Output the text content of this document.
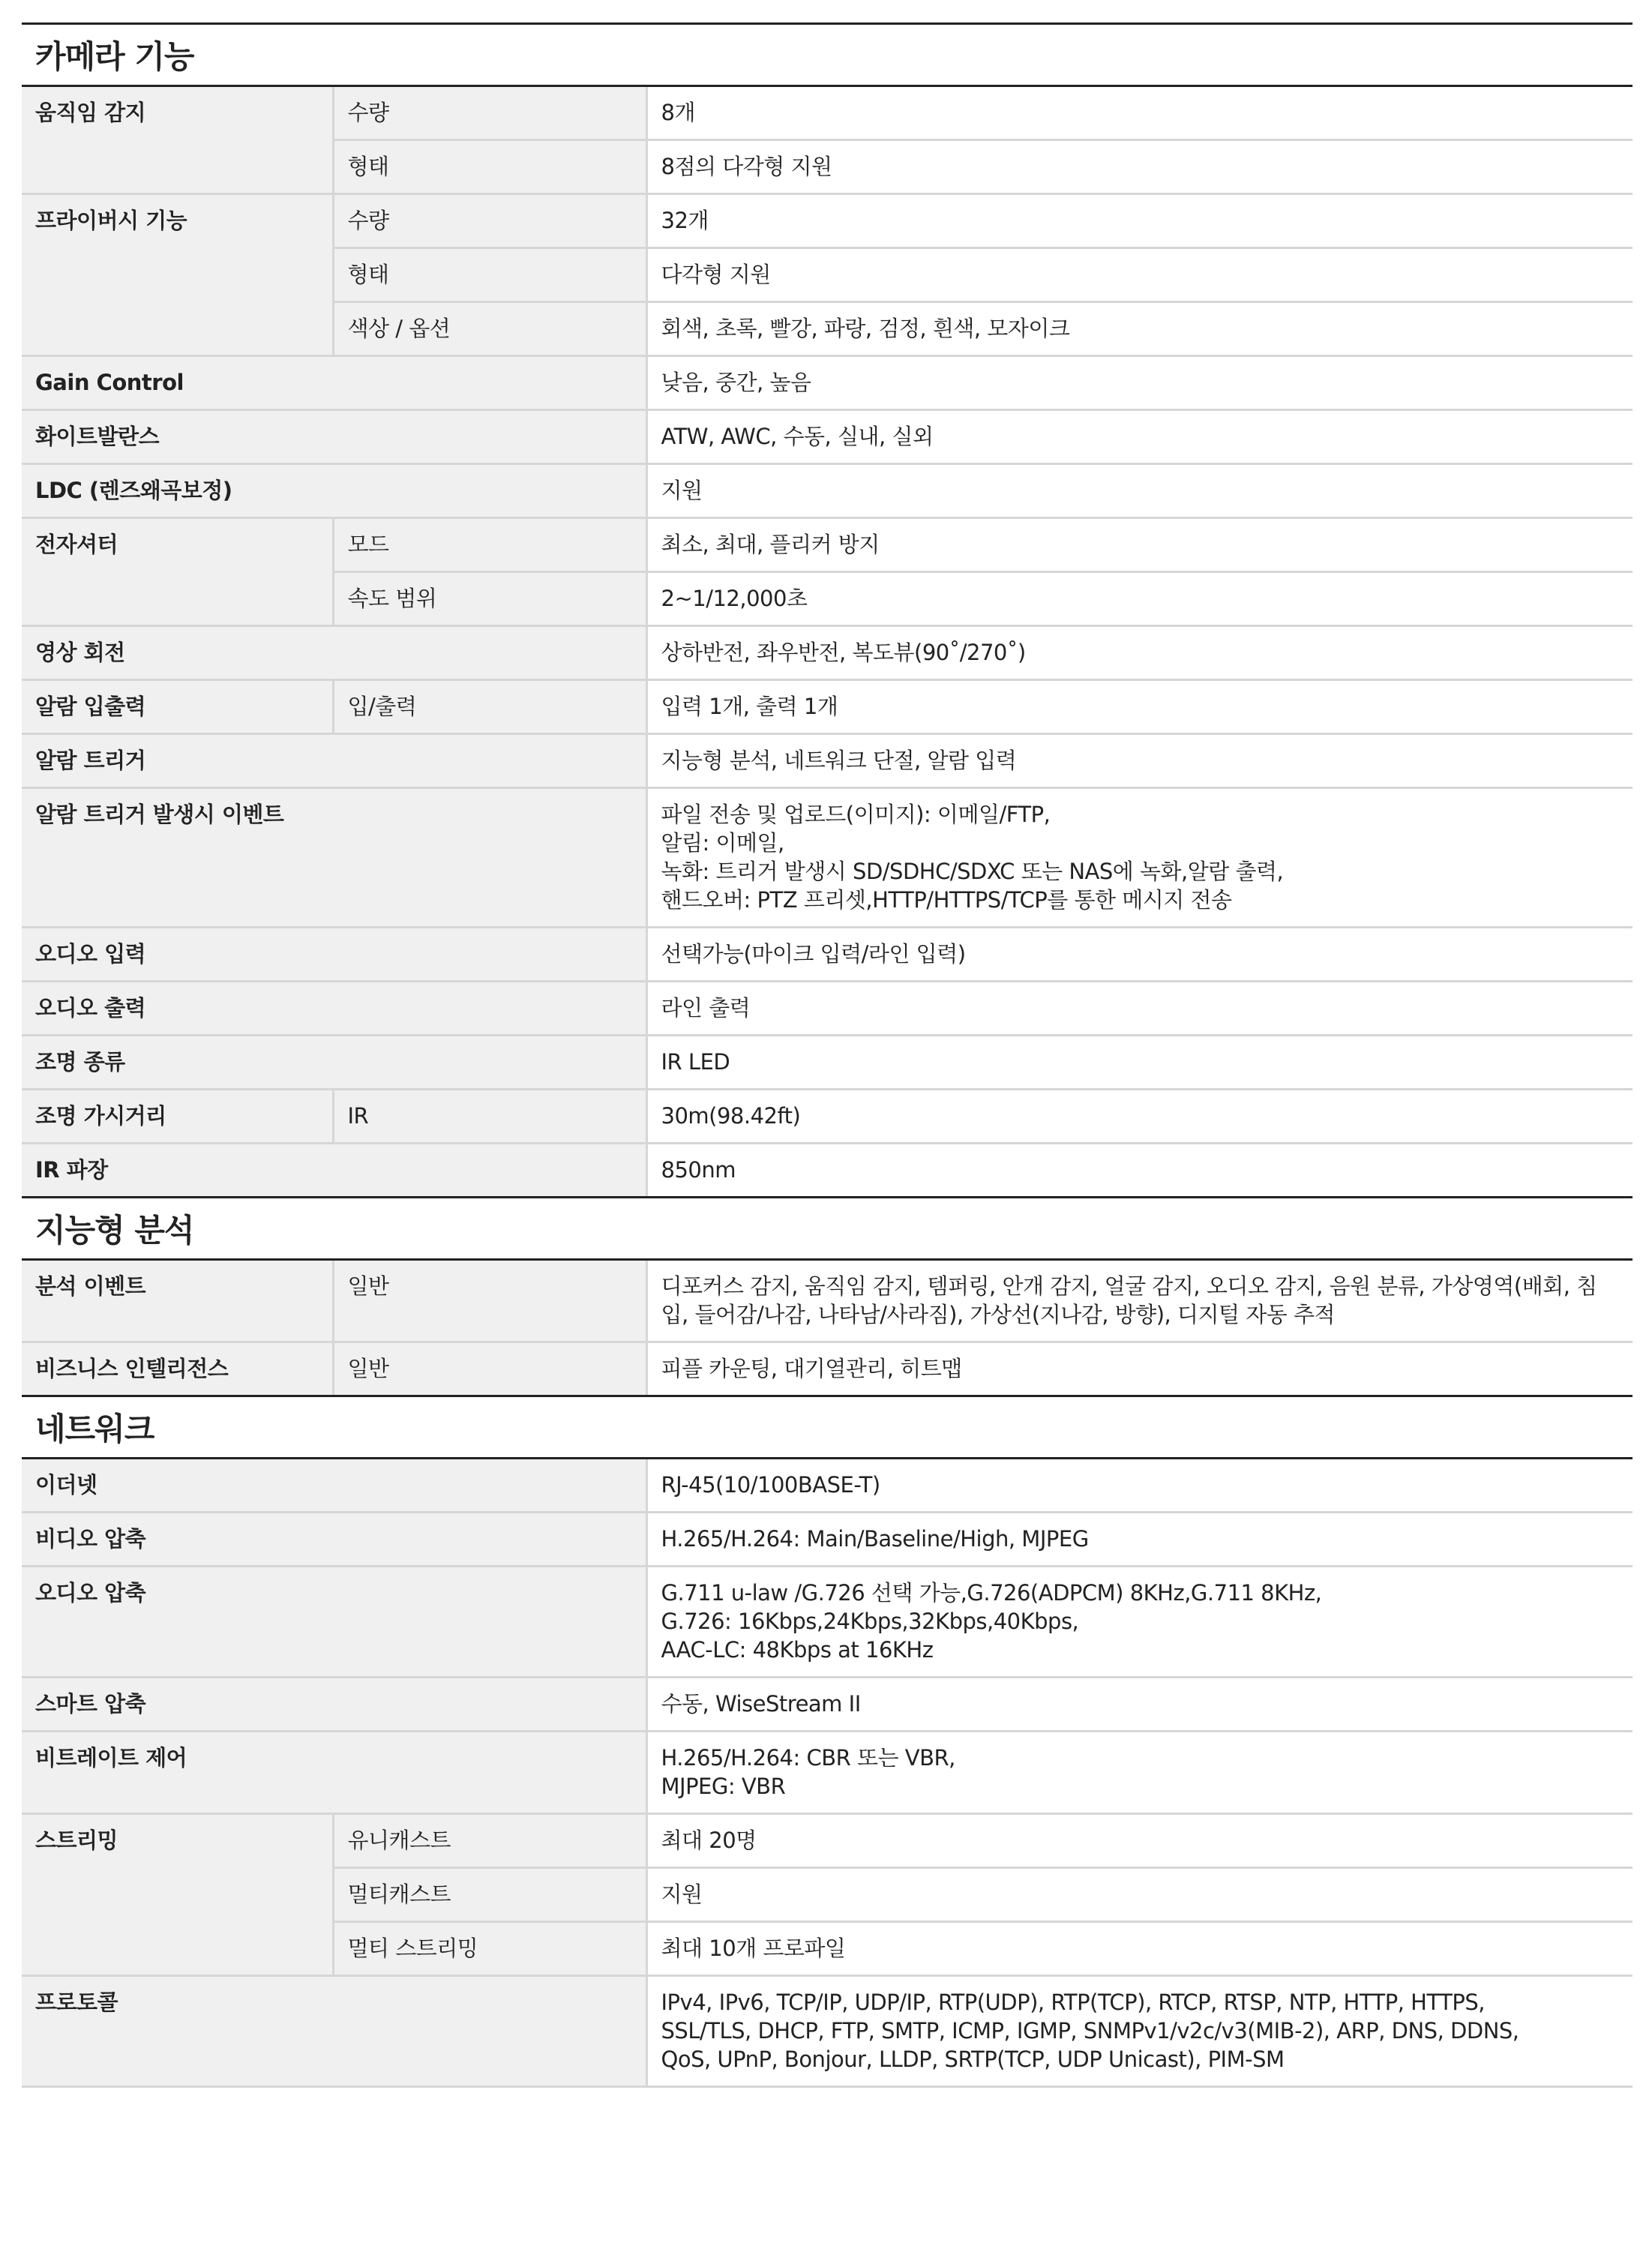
카메라 기능
움직임 감지	수량	8개

	형태	8점의 다각형 지원

프라이버시 기능	수량	32개

	형태	다각형 지원

	색상 / 옵션	회색, 초록, 빨강, 파랑, 검정, 흰색, 모자이크

Gain Control		낮음, 중간, 높음

화이트발란스		ATW, AWC, 수동, 실내, 실외

LDC (렌즈왜곡보정)		지원

전자셔터	모드	최소, 최대, 플리커 방지

	속도 범위	2~1/12,000초

영상 회전		상하반전, 좌우반전, 복도뷰(90˚/270˚)

알람 입출력	입/출력	입력 1개, 출력 1개

알람 트리거		지능형 분석, 네트워크 단절, 알람 입력

알람 트리거 발생시 이벤트		파일 전송 및 업로드(이미지): 이메일/FTP,
알림: 이메일,
녹화: 트리거 발생시 SD/SDHC/SDXC 또는 NAS에 녹화,알람 출력,
핸드오버: PTZ 프리셋,HTTP/HTTPS/TCP를 통한 메시지 전송

오디오 입력		선택가능(마이크 입력/라인 입력)

오디오 출력		라인 출력

조명 종류		IR LED

조명 가시거리	IR	30m(98.42ft)

IR 파장		850nm
지능형 분석
분석 이벤트	일반	디포커스 감지, 움직임 감지, 템퍼링, 안개 감지, 얼굴 감지, 오디오 감지, 음원 분류, 가상영역(배회, 침
입, 들어감/나감, 나타남/사라짐), 가상선(지나감, 방향), 디지털 자동 추적

비즈니스 인텔리전스	일반	피플 카운팅, 대기열관리, 히트맵
네트워크
이더넷		RJ-45(10/100BASE-T)

비디오 압축		H.265/H.264: Main/Baseline/High, MJPEG

오디오 압축		G.711 u-law /G.726 선택 가능,G.726(ADPCM) 8KHz,G.711 8KHz,
G.726: 16Kbps,24Kbps,32Kbps,40Kbps,
AAC-LC: 48Kbps at 16KHz

스마트 압축		수동, WiseStream II

비트레이트 제어		H.265/H.264: CBR 또는 VBR,
MJPEG: VBR

스트리밍	유니캐스트	최대 20명

	멀티캐스트	지원

	멀티 스트리밍	최대 10개 프로파일

프로토콜		IPv4, IPv6, TCP/IP, UDP/IP, RTP(UDP), RTP(TCP), RTCP, RTSP, NTP, HTTP, HTTPS,
SSL/TLS, DHCP, FTP, SMTP, ICMP, IGMP, SNMPv1/v2c/v3(MIB-2), ARP, DNS, DDNS,
QoS, UPnP, Bonjour, LLDP, SRTP(TCP, UDP Unicast), PIM-SM
